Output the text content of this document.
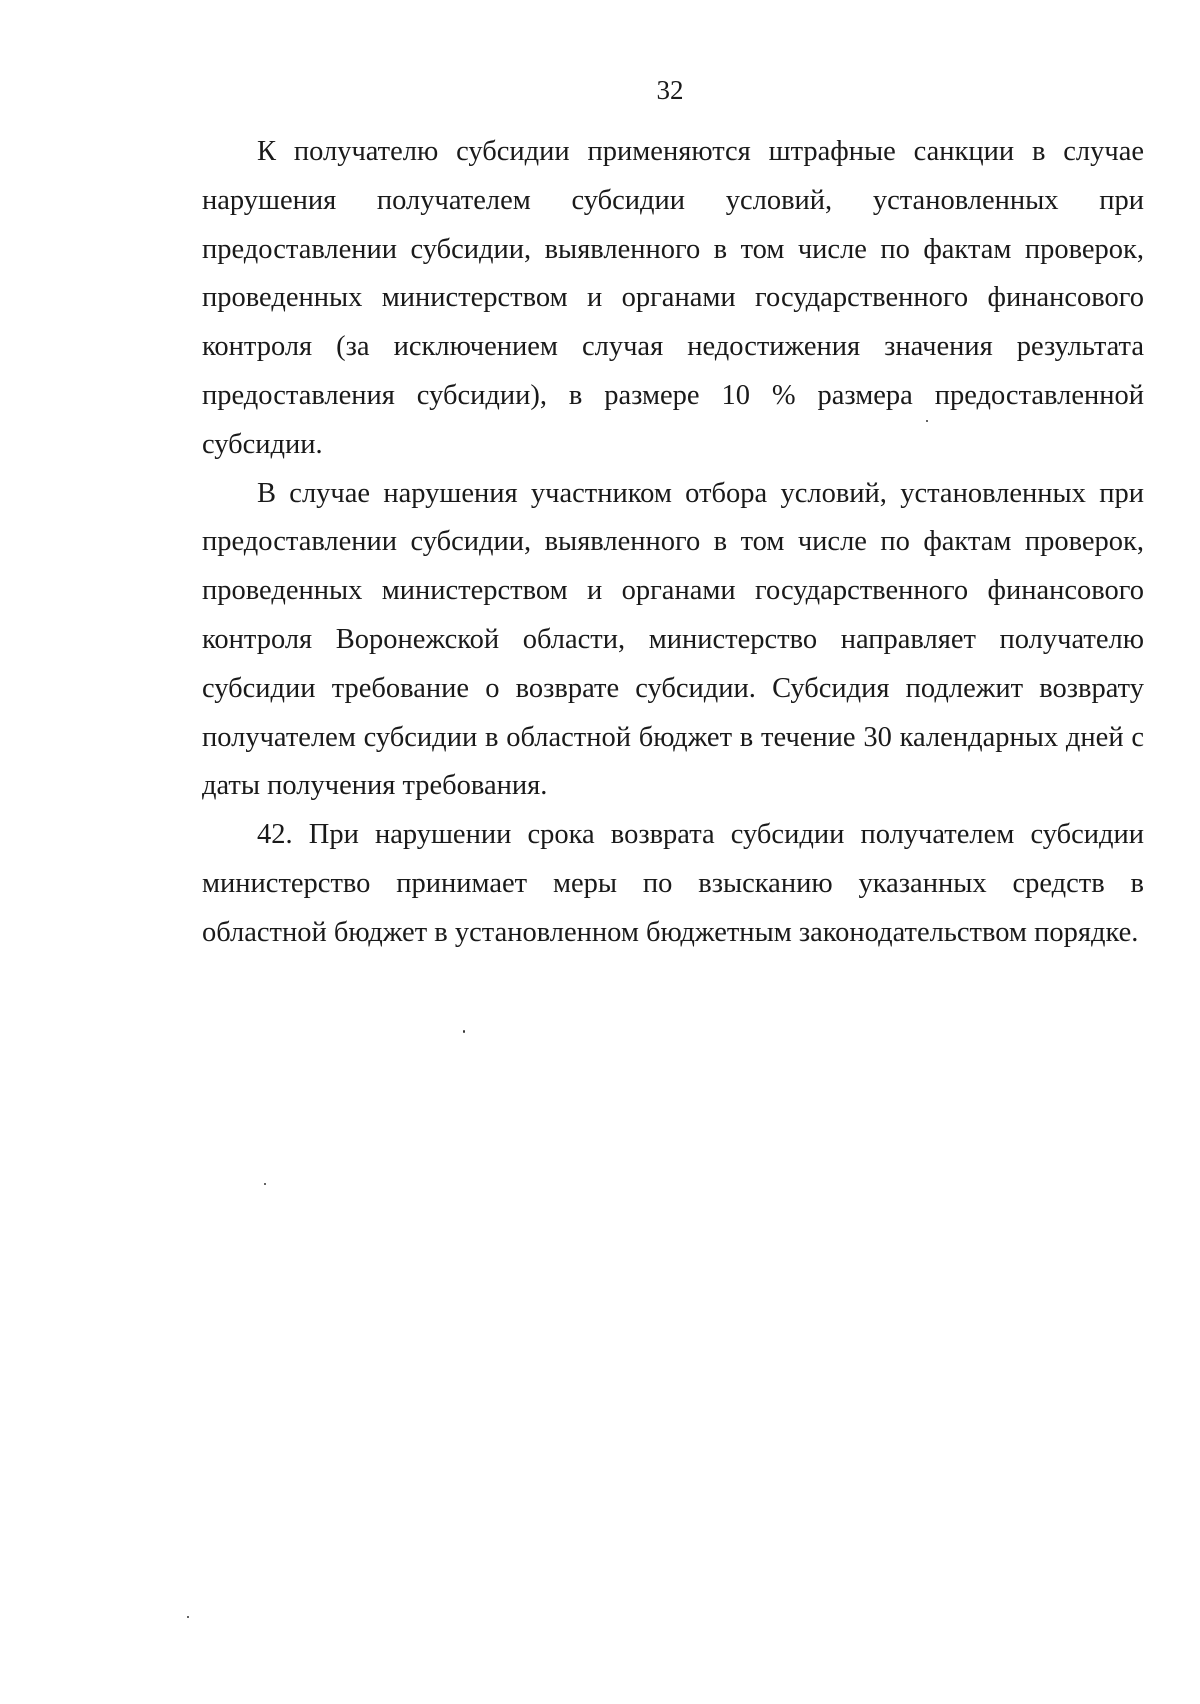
32

К получателю субсидии применяются штрафные санкции в случае нарушения получателем субсидии условий, установленных при предоставлении субсидии, выявленного в том числе по фактам проверок, проведенных министерством и органами государственного финансового контроля (за исключением случая недостижения значения результата предоставления субсидии), в размере 10 % размера предоставленной субсидии.

В случае нарушения участником отбора условий, установленных при предоставлении субсидии, выявленного в том числе по фактам проверок, проведенных министерством и органами государственного финансового контроля Воронежской области, министерство направляет получателю субсидии требование о возврате субсидии. Субсидия подлежит возврату получателем субсидии в областной бюджет в течение 30 календарных дней с даты получения требования.

42. При нарушении срока возврата субсидии получателем субсидии министерство принимает меры по взысканию указанных средств в областной бюджет в установленном бюджетным законодательством порядке.
